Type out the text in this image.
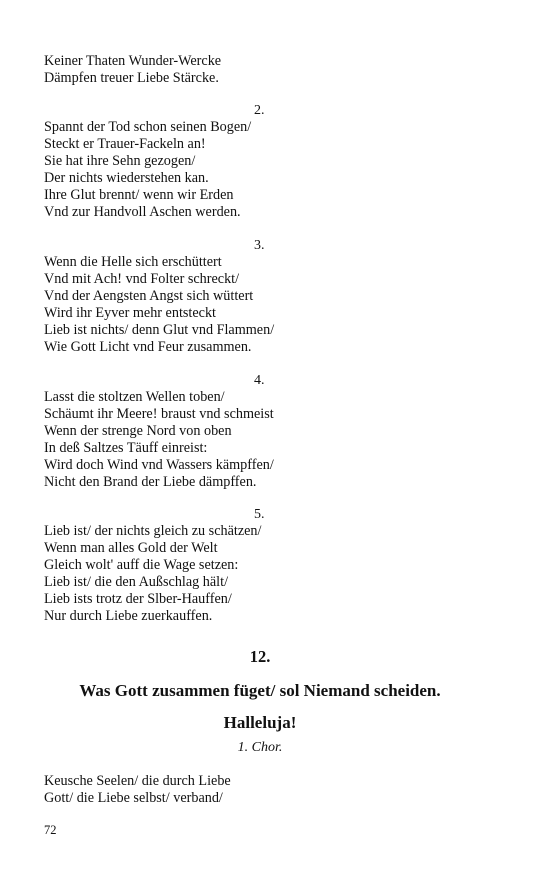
Keiner Thaten Wunder-Wercke
Dämpfen treuer Liebe Stärcke.
2.
Spannt der Tod schon seinen Bogen/
Steckt er Trauer-Fackeln an!
Sie hat ihre Sehn gezogen/
Der nichts wiederstehen kan.
Ihre Glut brennt/ wenn wir Erden
Vnd zur Handvoll Aschen werden.
3.
Wenn die Helle sich erschüttert
Vnd mit Ach! vnd Folter schreckt/
Vnd der Aengsten Angst sich wüttert
Wird ihr Eyver mehr entsteckt
Lieb ist nichts/ denn Glut vnd Flammen/
Wie Gott Licht vnd Feur zusammen.
4.
Lasst die stoltzen Wellen toben/
Schäumt ihr Meere! braust vnd schmeist
Wenn der strenge Nord von oben
In deß Saltzes Täuff einreist:
Wird doch Wind vnd Wassers kämpffen/
Nicht den Brand der Liebe dämpffen.
5.
Lieb ist/ der nichts gleich zu schätzen/
Wenn man alles Gold der Welt
Gleich wolt' auff die Wage setzen:
Lieb ist/ die den Außschlag hält/
Lieb ists trotz der Slber-Hauffen/
Nur durch Liebe zuerkauffen.
12.
Was Gott zusammen füget/ sol Niemand scheiden.
Halleluja!
1. Chor.
Keusche Seelen/ die durch Liebe
Gott/ die Liebe selbst/ verband/
72
